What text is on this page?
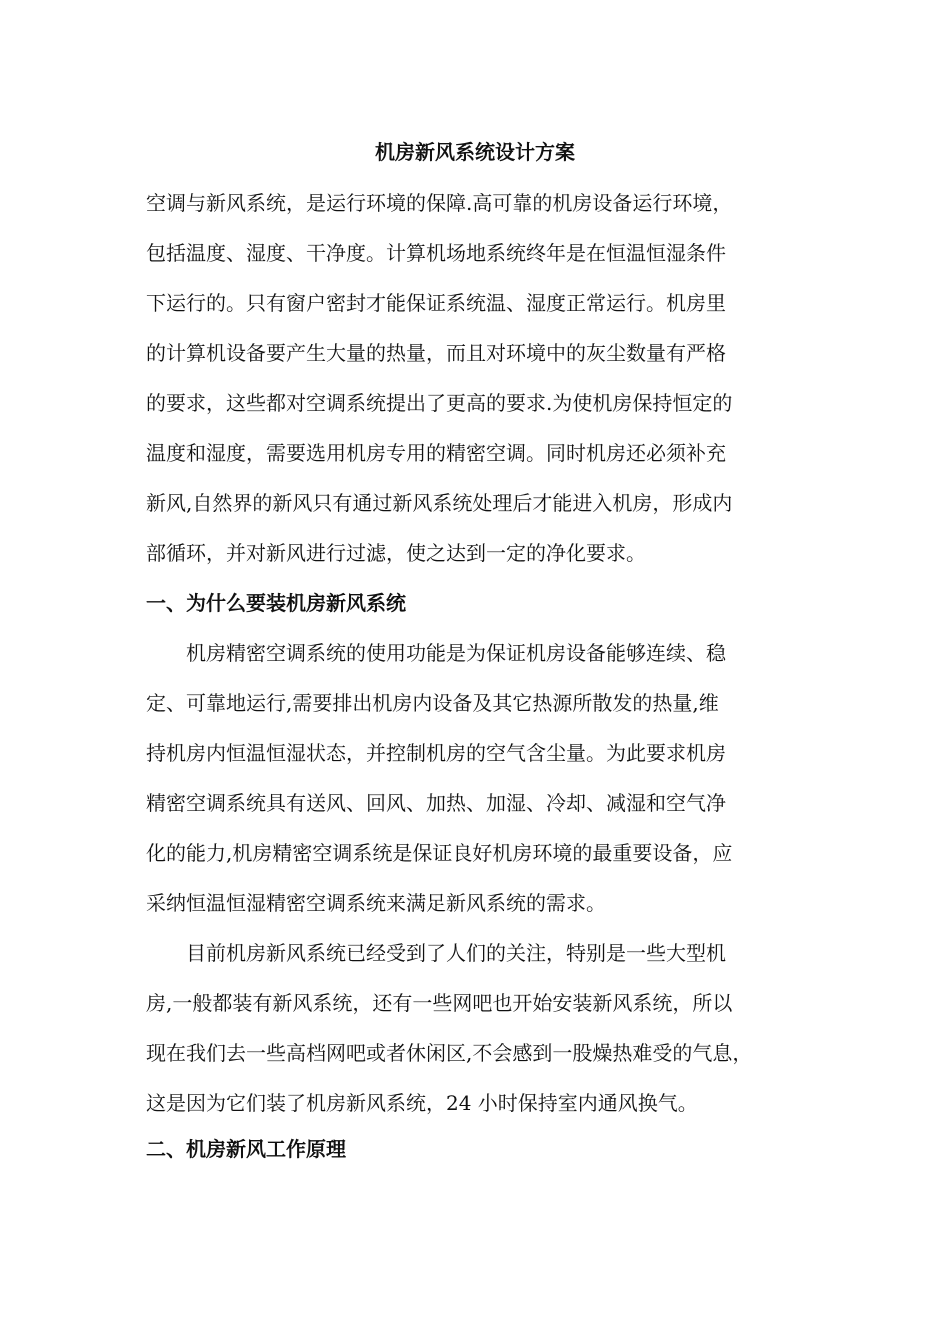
机房新风系统设计方案
空调与新风系统，是运行环境的保障.高可靠的机房设备运行环境，
包括温度、湿度、干净度。计算机场地系统终年是在恒温恒湿条件
下运行的。只有窗户密封才能保证系统温、湿度正常运行。机房里
的计算机设备要产生大量的热量，而且对环境中的灰尘数量有严格
的要求，这些都对空调系统提出了更高的要求.为使机房保持恒定的
温度和湿度，需要选用机房专用的精密空调。同时机房还必须补充
新风,自然界的新风只有通过新风系统处理后才能进入机房，形成内
部循环，并对新风进行过滤，使之达到一定的净化要求。
一、为什么要装机房新风系统
机房精密空调系统的使用功能是为保证机房设备能够连续、稳
定、可靠地运行,需要排出机房内设备及其它热源所散发的热量,维
持机房内恒温恒湿状态，并控制机房的空气含尘量。为此要求机房
精密空调系统具有送风、回风、加热、加湿、冷却、减湿和空气净
化的能力,机房精密空调系统是保证良好机房环境的最重要设备，应
采纳恒温恒湿精密空调系统来满足新风系统的需求。
目前机房新风系统已经受到了人们的关注，特别是一些大型机
房,一般都装有新风系统，还有一些网吧也开始安装新风系统，所以
现在我们去一些高档网吧或者休闲区,不会感到一股燥热难受的气息，
这是因为它们装了机房新风系统，24 小时保持室内通风换气。
二、机房新风工作原理
